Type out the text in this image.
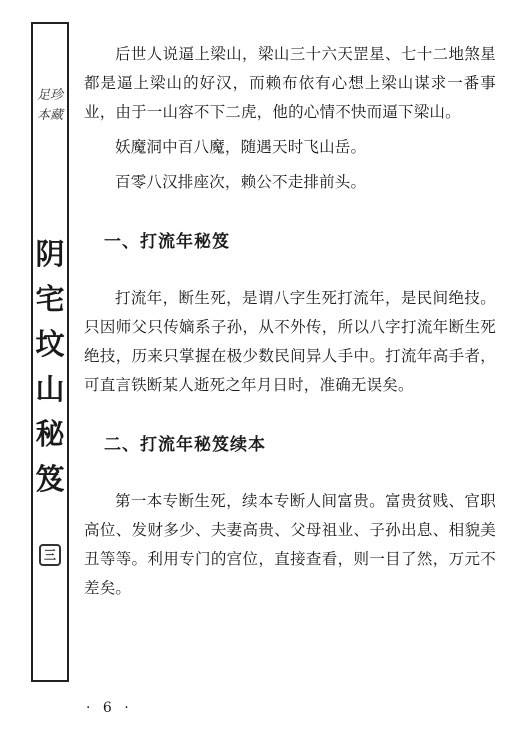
足珍
本藏
阴
宅
坟
山
秘
笈
三

后世人说逼上梁山，梁山三十六天罡星、七十二地煞星都是逼上梁山的好汉，而赖布依有心想上梁山谋求一番事业，由于一山容不下二虎，他的心情不快而逼下梁山。

妖魔洞中百八魔，随遇天时飞山岳。

百零八汉排座次，赖公不走排前头。

一、打流年秘笈

打流年，断生死，是谓八字生死打流年，是民间绝技。只因师父只传嫡系子孙，从不外传，所以八字打流年断生死绝技，历来只掌握在极少数民间异人手中。打流年高手者，可直言铁断某人逝死之年月日时，准确无误矣。

二、打流年秘笈续本

第一本专断生死，续本专断人间富贵。富贵贫贱、官职高位、发财多少、夫妻高贵、父母祖业、子孙出息、相貌美丑等等。利用专门的宫位，直接查看，则一目了然，万元不差矣。

· 6 ·
